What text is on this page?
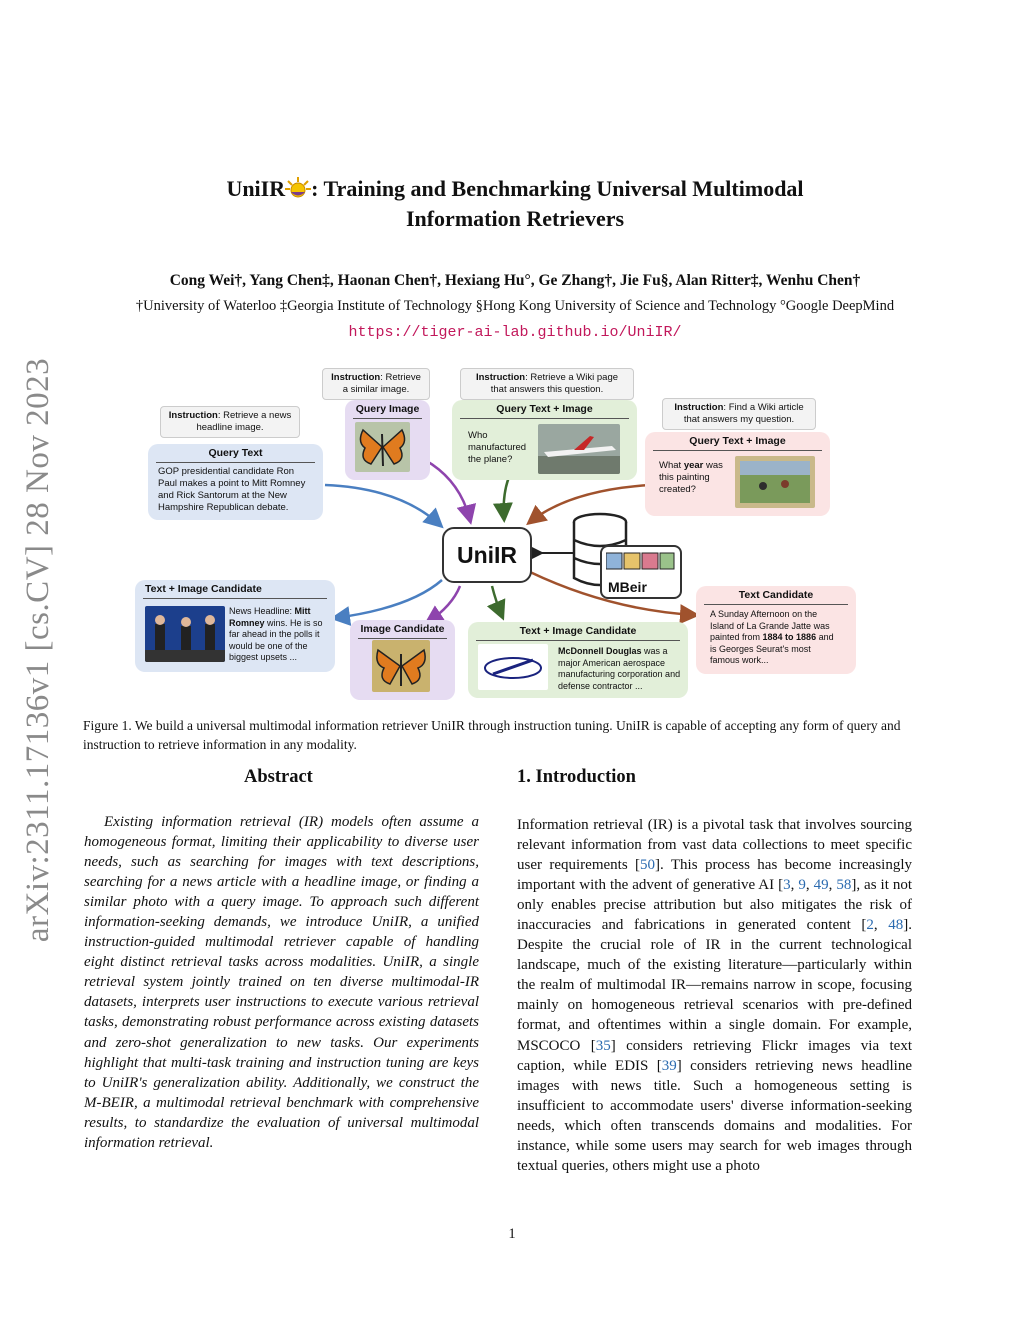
arXiv:2311.17136v1 [cs.CV] 28 Nov 2023
UniIR : Training and Benchmarking Universal Multimodal
Information Retrievers
Cong Wei†, Yang Chen‡, Haonan Chen†, Hexiang Hu°, Ge Zhang†, Jie Fu§, Alan Ritter‡, Wenhu Chen†
†University of Waterloo ‡Georgia Institute of Technology §Hong Kong University of Science and Technology °Google DeepMind
https://tiger-ai-lab.github.io/UniIR/
Instruction: Retrieve a news headline image.
Query Text
GOP presidential candidate Ron Paul makes a point to Mitt Romney and Rick Santorum at the New Hampshire Republican debate.
Instruction: Retrieve a similar image.
Query Image
Instruction: Retrieve a Wiki page that answers this question.
Query Text + Image
Who manufactured the plane?
Instruction: Find a Wiki article that answers my question.
Query Text + Image
What year was this painting created?
UniIR
MBeir
Text + Image Candidate
News Headline: Mitt Romney wins. He is so far ahead in the polls it would be one of the biggest upsets ...
Image Candidate	Text + Image Candidate
McDonnell Douglas was a major American aerospace manufacturing corporation and defense contractor ...
Text Candidate
A Sunday Afternoon on the Island of La Grande Jatte was painted from 1884 to 1886 and is Georges Seurat's most famous work...
Figure 1. We build a universal multimodal information retriever UniIR through instruction tuning. UniIR is capable of accepting any form of query and instruction to retrieve information in any modality.
Abstract

Existing information retrieval (IR) models often assume a homogeneous format, limiting their applicability to diverse user needs, such as searching for images with text descriptions, searching for a news article with a headline image, or finding a similar photo with a query image. To approach such different information-seeking demands, we introduce UniIR, a unified instruction-guided multimodal retriever capable of handling eight distinct retrieval tasks across modalities. UniIR, a single retrieval system jointly trained on ten diverse multimodal-IR datasets, interprets user instructions to execute various retrieval tasks, demonstrating robust performance across existing datasets and zero-shot generalization to new tasks. Our experiments highlight that multi-task training and instruction tuning are keys to UniIR's generalization ability. Additionally, we construct the M-BEIR, a multimodal retrieval benchmark with comprehensive results, to standardize the evaluation of universal multimodal information retrieval.

1. Introduction

Information retrieval (IR) is a pivotal task that involves sourcing relevant information from vast data collections to meet specific user requirements [50]. This process has become increasingly important with the advent of generative AI [3, 9, 49, 58], as it not only enables precise attribution but also mitigates the risk of inaccuracies and fabrications in generated content [2, 48]. Despite the crucial role of IR in the current technological landscape, much of the existing literature—particularly within the realm of multimodal IR—remains narrow in scope, focusing mainly on homogeneous retrieval scenarios with pre-defined format, and oftentimes within a single domain. For example, MSCOCO [35] considers retrieving Flickr images via text caption, while EDIS [39] considers retrieving news headline images with news title. Such a homogeneous setting is insufficient to accommodate users' diverse information-seeking needs, which often transcends domains and modalities. For instance, while some users may search for web images through textual queries, others might use a photo

1
